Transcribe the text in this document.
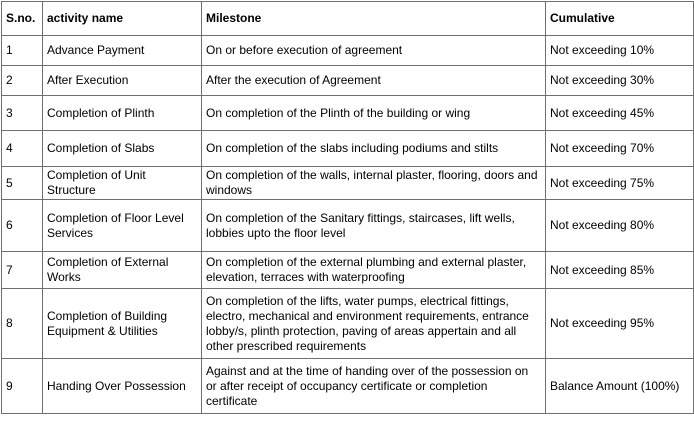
S.no.	activity name	Milestone	Cumulative
1	Advance Payment	On or before execution of agreement	Not exceeding 10%
2	After Execution	After the execution of Agreement	Not exceeding 30%
3	Completion of Plinth	On completion of the Plinth of the building or wing	Not exceeding 45%
4	Completion of Slabs	On completion of the slabs including podiums and stilts	Not exceeding 70%
5	Completion of Unit Structure	On completion of the walls, internal plaster, flooring, doors and windows	Not exceeding 75%
6	Completion of Floor Level Services	On completion of the Sanitary fittings, staircases, lift wells, lobbies upto the floor level	Not exceeding 80%
7	Completion of External Works	On completion of the external plumbing and external plaster, elevation, terraces with waterproofing	Not exceeding 85%
8	Completion of Building Equipment & Utilities	On completion of the lifts, water pumps, electrical fittings, electro, mechanical and environment requirements, entrance lobby/s, plinth protection, paving of areas appertain and all other prescribed requirements	Not exceeding 95%
9	Handing Over Possession	Against and at the time of handing over of the possession on or after receipt of occupancy certificate or completion certificate	Balance Amount (100%)
